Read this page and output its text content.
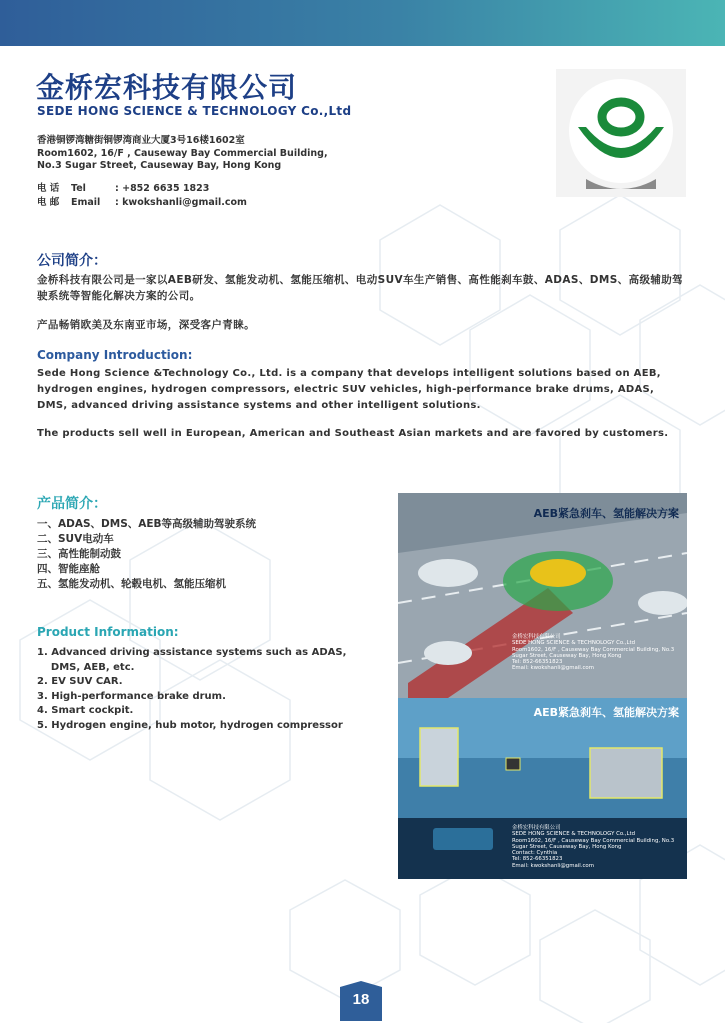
金桥宏科技有限公司
SEDE HONG SCIENCE & TECHNOLOGY Co.,Ltd
香港铜锣湾糖街铜锣湾商业大厦3号16楼1602室
Room1602, 16/F , Causeway Bay Commercial Building,
No.3 Sugar Street, Causeway Bay, Hong Kong
电 话 Tel	: +852 6635 1823
电 邮 Email : kwokshanli@gmail.com
公司简介：
金桥科技有限公司是一家以AEB研发、氢能发动机、氢能压缩机、电动SUV车生产销售、高性能刹车鼓、ADAS、DMS、高级辅助驾驶系统等智能化解决方案的公司。
产品畅销欧美及东南亚市场，深受客户青睐。
Company Introduction:
Sede Hong Science &Technology Co., Ltd. is a company that develops intelligent solutions based on AEB, hydrogen engines, hydrogen compressors, electric SUV vehicles, high-performance brake drums, ADAS, DMS, advanced driving assistance systems and other intelligent solutions.
The products sell well in European, American and Southeast Asian markets and are favored by customers.
产品简介：
一、ADAS、DMS、AEB等高级辅助驾驶系统
二、SUV电动车
三、高性能制动鼓
四、智能座舱
五、氢能发动机、轮毂电机、氢能压缩机
Product Information:
1. Advanced driving assistance systems such as ADAS,
DMS, AEB, etc.
2. EV SUV CAR.
3. High-performance brake drum.
4. Smart cockpit.
5. Hydrogen engine, hub motor, hydrogen compressor
AEB紧急刹车、氢能解决方案
金桥宏科技有限公司
SEDE HONG SCIENCE & TECHNOLOGY Co.,Ltd
Room1602, 16/F , Causeway Bay Commercial Building, No.3
Sugar Street, Causeway Bay, Hong Kong
Tel: 852-66351823
Email: kwokshanli@gmail.com
AEB紧急刹车、氢能解决方案
金桥宏科技有限公司
SEDE HONG SCIENCE & TECHNOLOGY Co.,Ltd
Room1602, 16/F , Causeway Bay Commercial Building, No.3
Sugar Street, Causeway Bay, Hong Kong
Contact: Cynthia
Tel: 852-66351823
Email: kwokshanli@gmail.com
18
